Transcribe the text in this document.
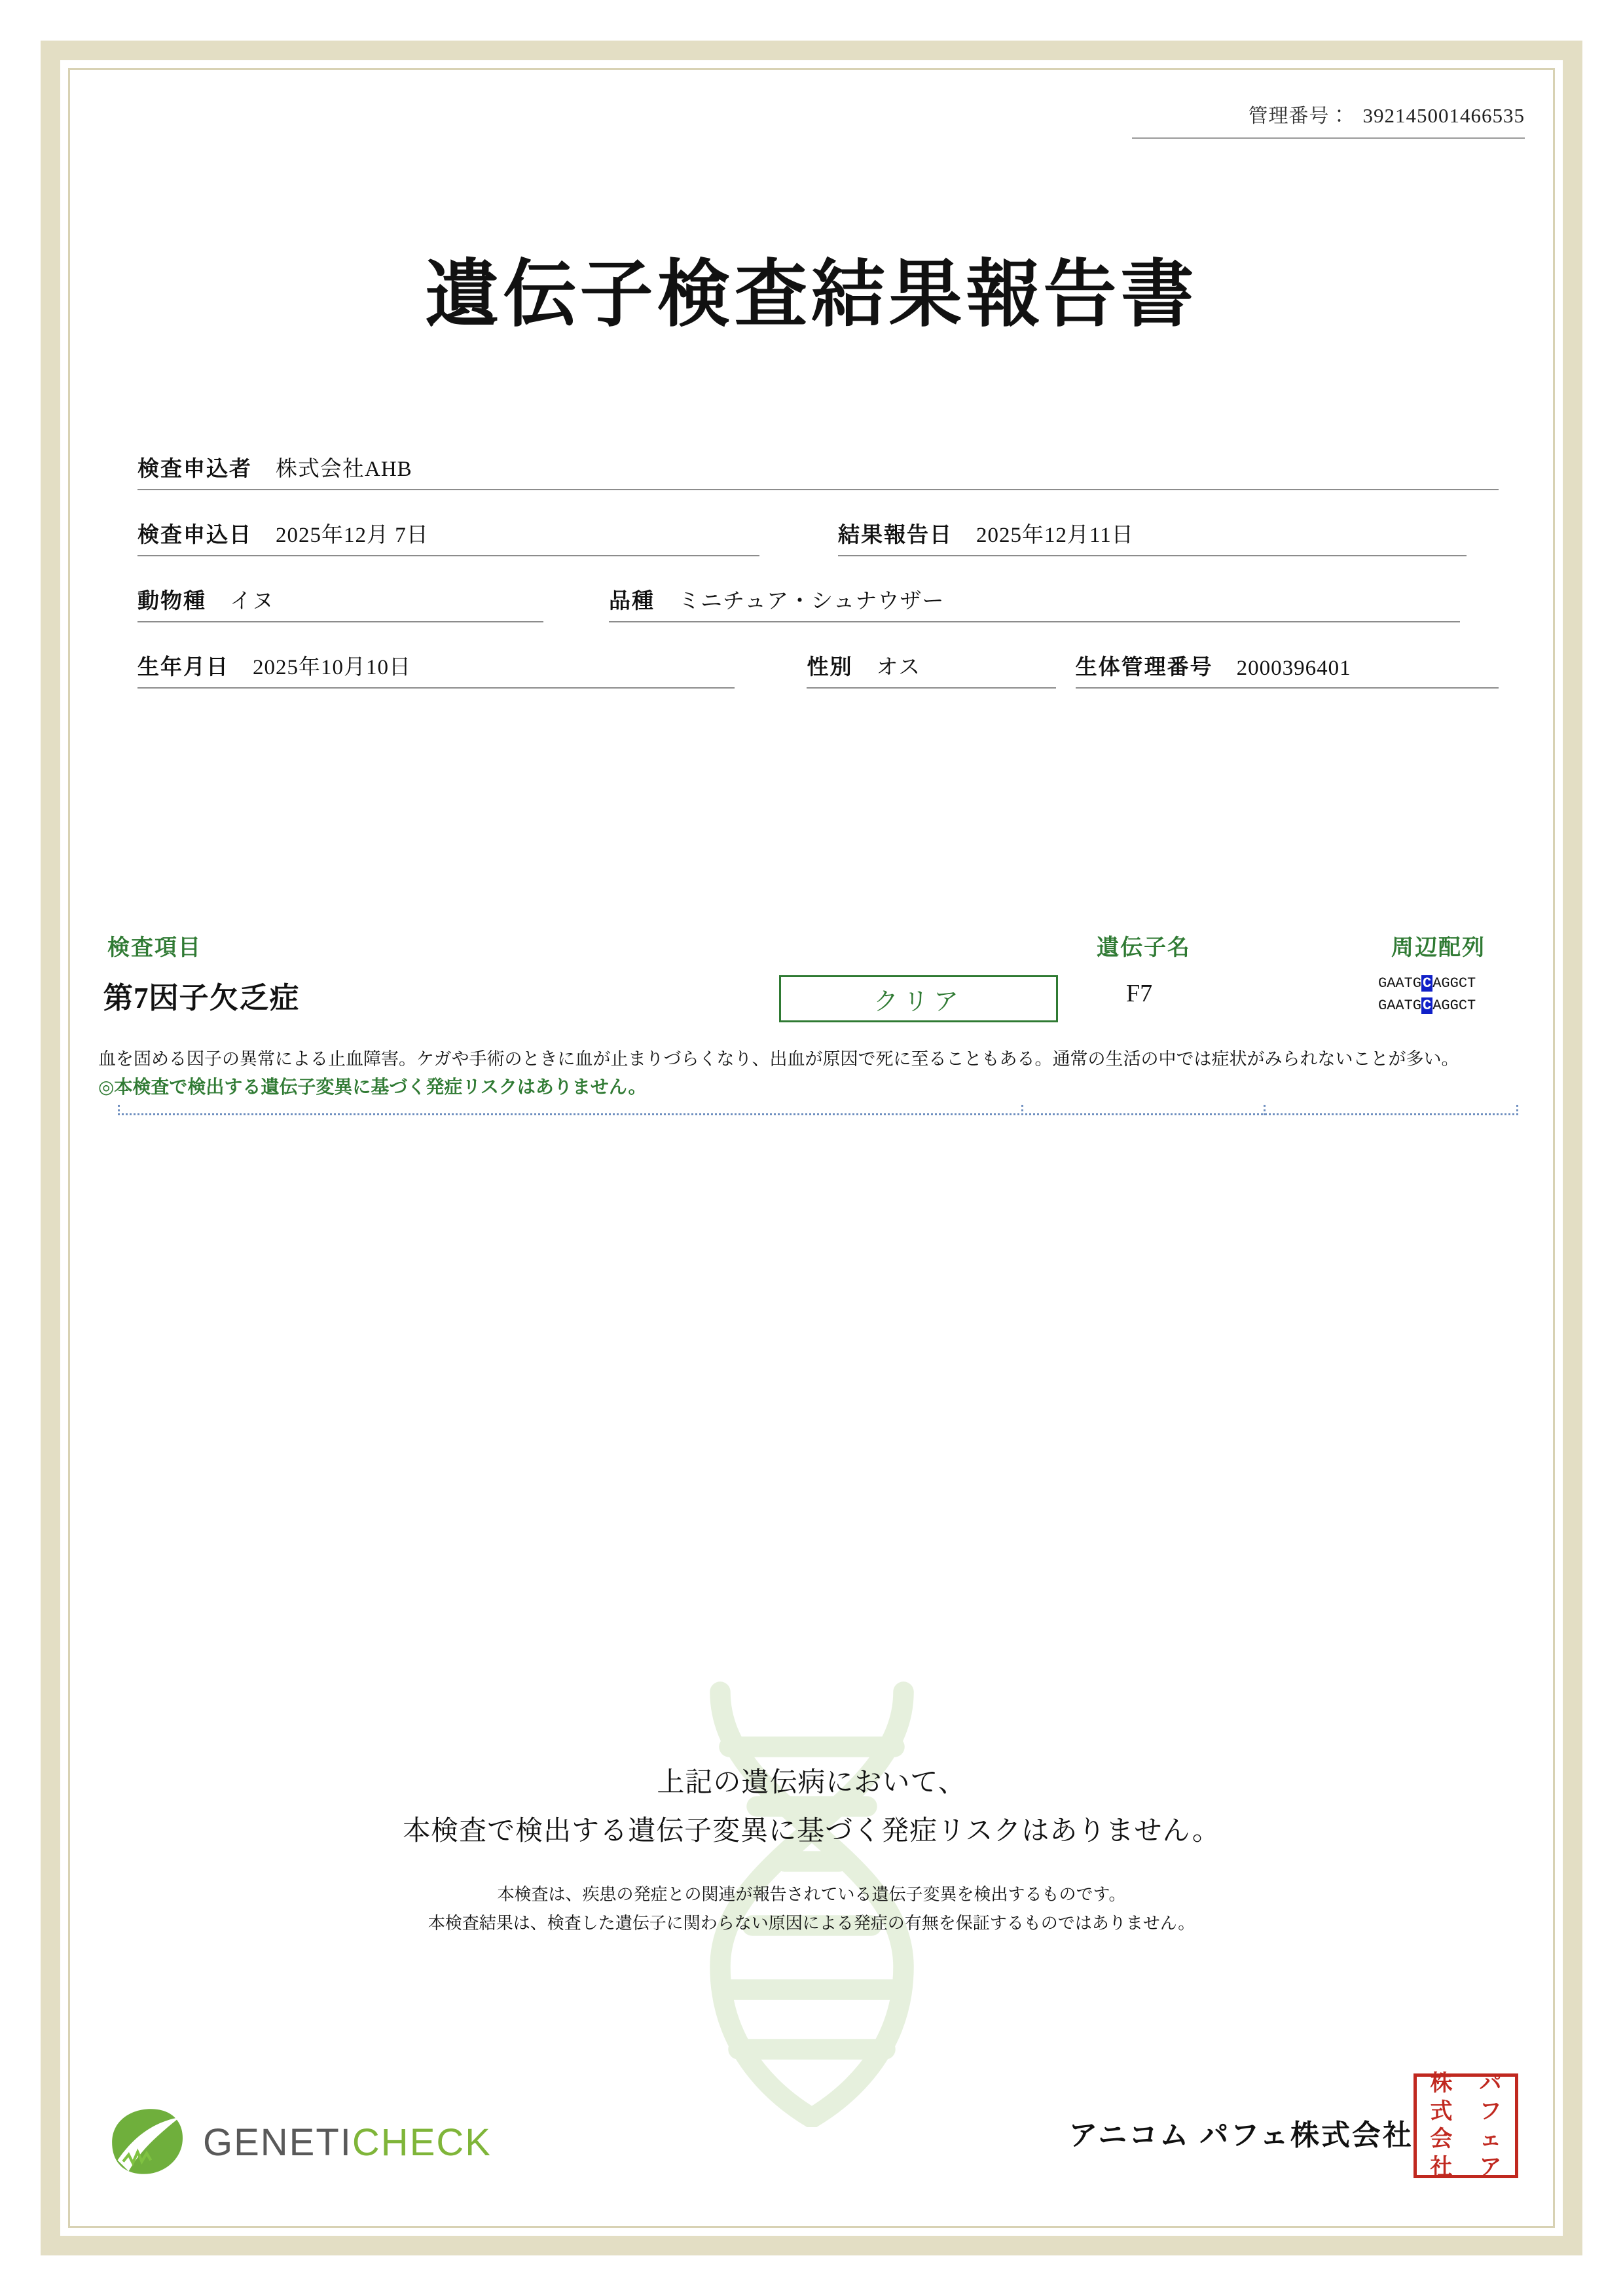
管理番号： 392145001466535
遺伝子検査結果報告書
検査申込者 株式会社AHB
検査申込日 2025年12月 7日	結果報告日 2025年12月11日
動物種 イヌ	品種 ミニチュア・シュナウザー
生年月日 2025年10月10日	性別 オス	生体管理番号 2000396401
検査項目	遺伝子名	周辺配列
第7因子欠乏症	クリア	F7	GAATGCAGGCT
GAATGCAGGCT
血を固める因子の異常による止血障害。ケガや手術のときに血が止まりづらくなり、出血が原因で死に至ることもある。通常の生活の中では症状がみられないことが多い。
◎本検査で検出する遺伝子変異に基づく発症リスクはありません。
上記の遺伝病において、
本検査で検出する遺伝子変異に基づく発症リスクはありません。
本検査は、疾患の発症との関連が報告されている遺伝子変異を検出するものです。
本検査結果は、検査した遺伝子に関わらない原因による発症の有無を保証するものではありません。
GENETICHECK	アニコム パフェ株式会社
株	パ
式	フ
会	ェ
社	ア
